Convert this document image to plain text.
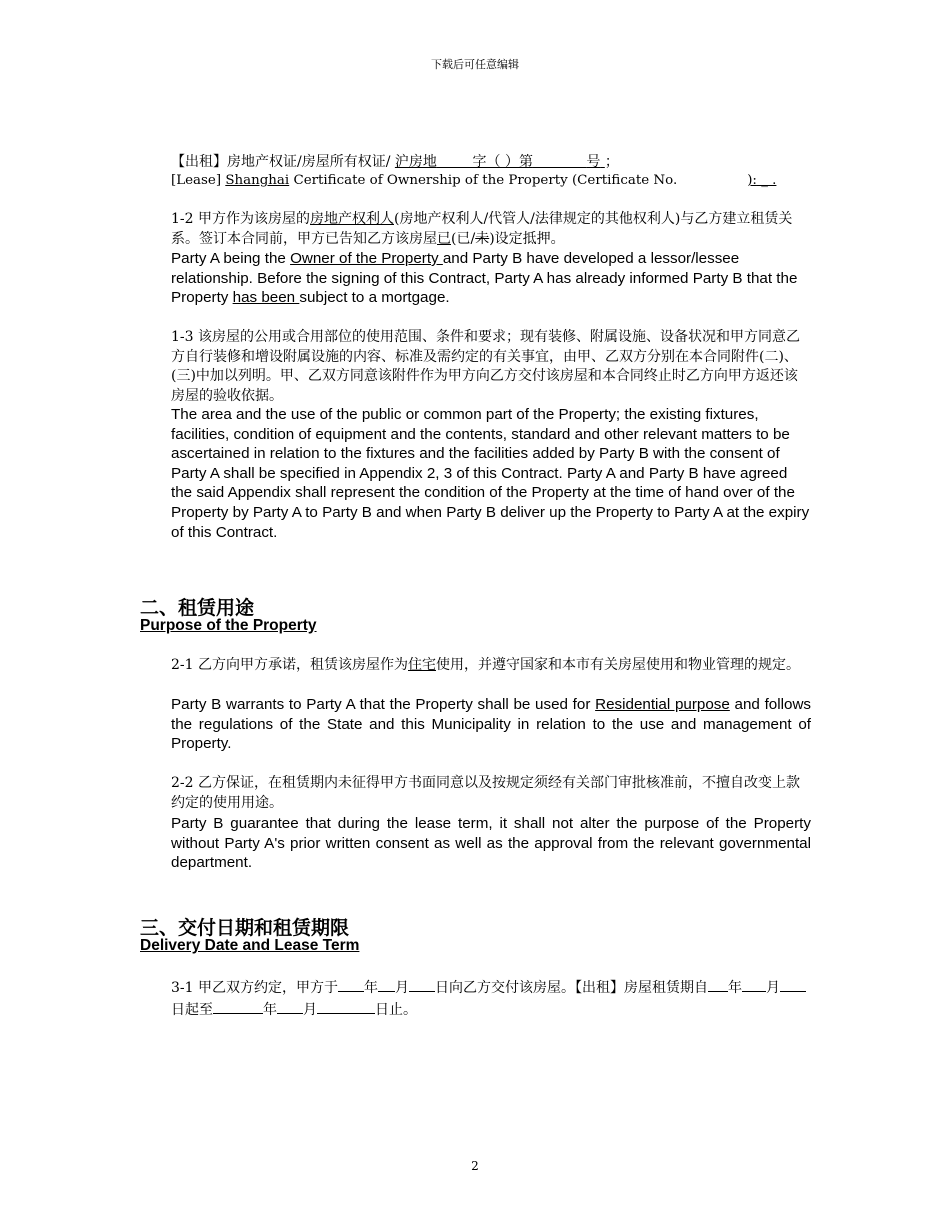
下载后可任意编辑
【出租】房地产权证/房屋所有权证/ 沪房地	字（ ）第	号 ；
[Lease] Shanghai Certificate of Ownership of the Property (Certificate No.	): _ .
1-2 甲方作为该房屋的房地产权利人(房地产权利人/代管人/法律规定的其他权利人)与乙方建立租赁关系。签订本合同前，甲方已告知乙方该房屋已(已/未)设定抵押。
Party A being the Owner of the Property and Party B have developed a lessor/lessee relationship. Before the signing of this Contract, Party A has already informed Party B that the Property has been subject to a mortgage.
1-3 该房屋的公用或合用部位的使用范围、条件和要求；现有装修、附属设施、设备状况和甲方同意乙方自行装修和增设附属设施的内容、标准及需约定的有关事宜，由甲、乙双方分别在本合同附件(二)、(三)中加以列明。甲、乙双方同意该附件作为甲方向乙方交付该房屋和本合同终止时乙方向甲方返还该房屋的验收依据。
The area and the use of the public or common part of the Property; the existing fixtures, facilities, condition of equipment and the contents, standard and other relevant matters to be ascertained in relation to the fixtures and the facilities added by Party B with the consent of Party A shall be specified in Appendix 2, 3 of this Contract. Party A and Party B have agreed the said Appendix shall represent the condition of the Property at the time of hand over of the Property by Party A to Party B and when Party B deliver up the Property to Party A at the expiry of this Contract.
二、租赁用途
Purpose of the Property
2-1 乙方向甲方承诺，租赁该房屋作为住宅使用，并遵守国家和本市有关房屋使用和物业管理的规定。
Party B warrants to Party A that the Property shall be used for Residential purpose and follows the regulations of the State and this Municipality in relation to the use and management of Property.
2-2 乙方保证，在租赁期内未征得甲方书面同意以及按规定须经有关部门审批核准前，不擅自改变上款约定的使用用途。
Party B guarantee that during the lease term, it shall not alter the purpose of the Property without Party A's prior written consent as well as the approval from the relevant governmental department.
三、交付日期和租赁期限
Delivery Date and Lease Term
3-1 甲乙双方约定，甲方于 年 月 日向乙方交付该房屋。【出租】房屋租赁期自 年 月日起至	年 月	日止。
2
